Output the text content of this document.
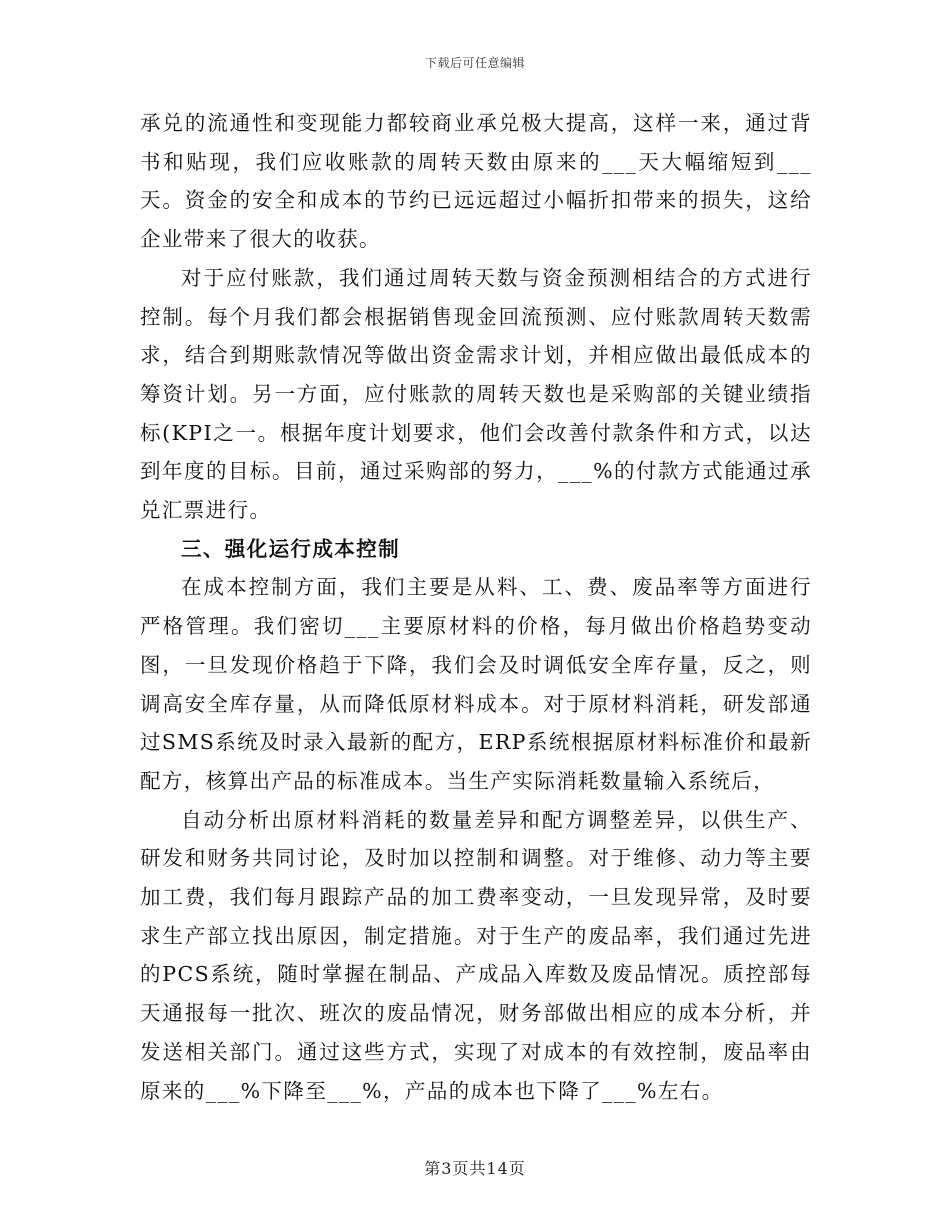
下载后可任意编辑

承兑的流通性和变现能力都较商业承兑极大提高，这样一来，通过背书和贴现，我们应收账款的周转天数由原来的___天大幅缩短到___天。资金的安全和成本的节约已远远超过小幅折扣带来的损失，这给企业带来了很大的收获。

对于应付账款，我们通过周转天数与资金预测相结合的方式进行控制。每个月我们都会根据销售现金回流预测、应付账款周转天数需求，结合到期账款情况等做出资金需求计划，并相应做出最低成本的筹资计划。另一方面，应付账款的周转天数也是采购部的关键业绩指标(KPI之一。根据年度计划要求，他们会改善付款条件和方式，以达到年度的目标。目前，通过采购部的努力，___%的付款方式能通过承兑汇票进行。

三、强化运行成本控制

在成本控制方面，我们主要是从料、工、费、废品率等方面进行严格管理。我们密切___主要原材料的价格，每月做出价格趋势变动图，一旦发现价格趋于下降，我们会及时调低安全库存量，反之，则调高安全库存量，从而降低原材料成本。对于原材料消耗，研发部通过SMS系统及时录入最新的配方，ERP系统根据原材料标准价和最新配方，核算出产品的标准成本。当生产实际消耗数量输入系统后，

自动分析出原材料消耗的数量差异和配方调整差异，以供生产、研发和财务共同讨论，及时加以控制和调整。对于维修、动力等主要加工费，我们每月跟踪产品的加工费率变动，一旦发现异常，及时要求生产部立找出原因，制定措施。对于生产的废品率，我们通过先进的PCS系统，随时掌握在制品、产成品入库数及废品情况。质控部每天通报每一批次、班次的废品情况，财务部做出相应的成本分析，并发送相关部门。通过这些方式，实现了对成本的有效控制，废品率由原来的___%下降至___%，产品的成本也下降了___%左右。

第3页共14页
